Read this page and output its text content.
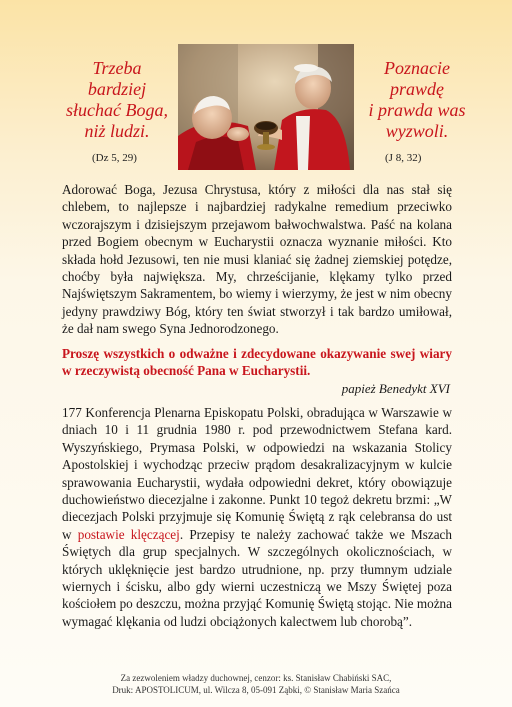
Trzeba
bardziej
słuchać Boga,
niż ludzi.
(Dz 5, 29)
Poznacie
prawdę
i prawda was
wyzwoli.
(J 8, 32)
Adorować Boga, Jezusa Chrystusa, który z miłości dla nas stał się chlebem, to najlepsze i najbardziej radykalne remedium przeciwko wczorajszym i dzisiejszym przejawom bałwochwalstwa. Paść na kolana przed Bogiem obecnym w Eucharystii oznacza wyznanie miłości. Kto składa hołd Jezusowi, ten nie musi klaniać się żadnej ziemskiej potędze, choćby była największa. My, chrześcijanie, klękamy tylko przed Najświętszym Sakramentem, bo wiemy i wierzymy, że jest w nim obecny jedyny prawdziwy Bóg, który ten świat stworzył i tak bardzo umiłował, że dał nam swego Syna Jednorodzonego.
Proszę wszystkich o odważne i zdecydowane okazywanie swej wiary w rzeczywistą obecność Pana w Eucharystii.
papież Benedykt XVI
177 Konferencja Plenarna Episkopatu Polski, obradująca w Warszawie w dniach 10 i 11 grudnia 1980 r. pod przewodnictwem Stefana kard. Wyszyńskiego, Prymasa Polski, w odpowiedzi na wskazania Stolicy Apostolskiej i wychodząc przeciw prądom desakralizacyjnym w kulcie sprawowania Eucharystii, wydała odpowiedni dekret, który obowiązuje duchowieństwo diecezjalne i zakonne. Punkt 10 tegoż dekretu brzmi: „W diecezjach Polski przyjmuje się Komunię Świętą z rąk celebransa do ust w postawie klęczącej. Przepisy te należy zachować także we Mszach Świętych dla grup specjalnych. W szczególnych okolicznościach, w których uklęknięcie jest bardzo utrudnione, np. przy tłumnym udziale wiernych i ścisku, albo gdy wierni uczestniczą we Mszy Świętej poza kościołem po deszczu, można przyjąć Komunię Świętą stojąc. Nie można wymagać klękania od ludzi obciążonych kalectwem lub chorobą”.
Za zezwoleniem władzy duchownej, cenzor: ks. Stanisław Chabiński SAC,
Druk: APOSTOLICUM, ul. Wilcza 8, 05-091 Ząbki, © Stanisław Maria Szańca
